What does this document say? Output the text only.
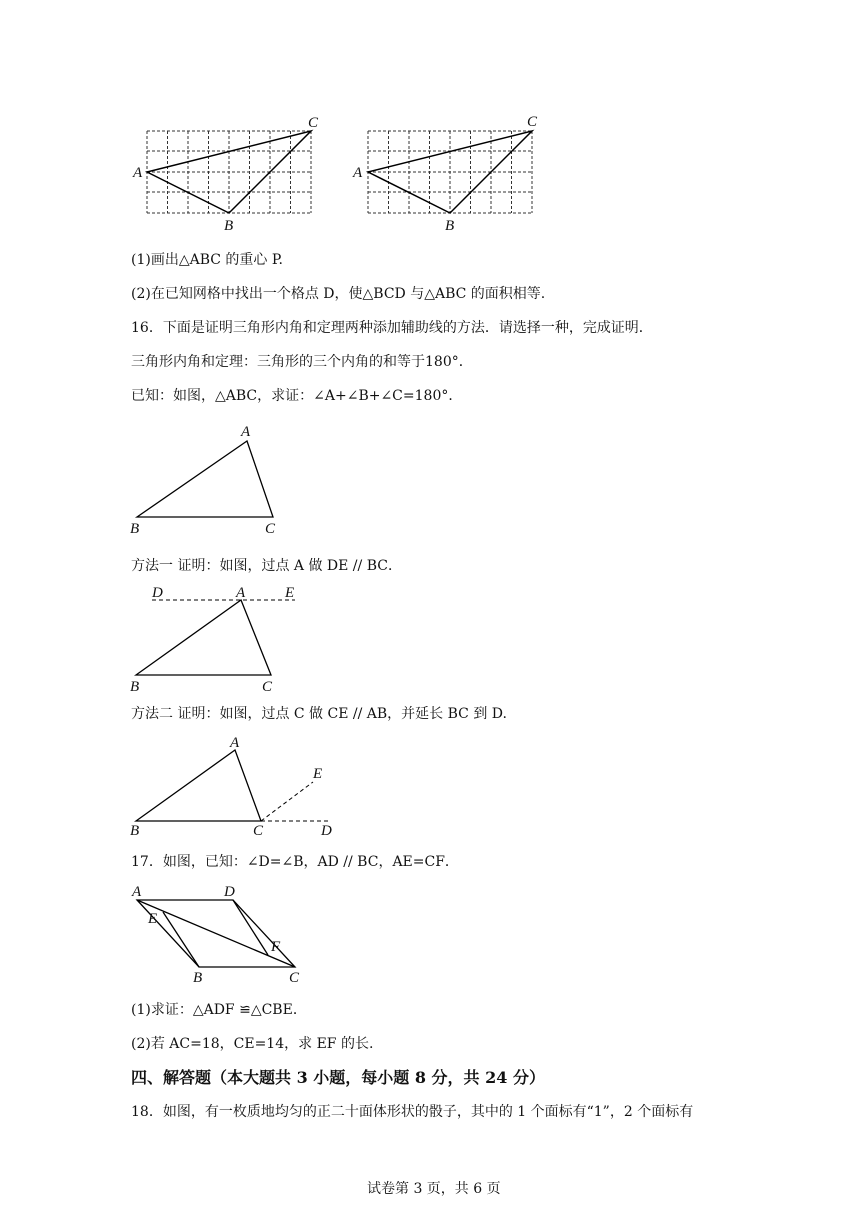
A
B
C
A
B
C
(1)画出△ABC 的重心 P.
(2)在已知网格中找出一个格点 D，使△BCD 与△ABC 的面积相等.
16．下面是证明三角形内角和定理两种添加辅助线的方法．请选择一种，完成证明．
三角形内角和定理：三角形的三个内角的和等于180°．
已知：如图，△ABC，求证：∠A+∠B+∠C=180°．
A
B	C
方法一 证明：如图，过点 A 做 DE // BC．
D	A	E
B	C
方法二 证明：如图，过点 C 做 CE // AB，并延长 BC 到 D.
A
E
B	C	D
17．如图，已知：∠D=∠B，AD // BC，AE=CF．
A	D
E
F
B	C
(1)求证：△ADF ≌△CBE．
(2)若 AC=18，CE=14，求 EF 的长.
四、解答题（本大题共 3 小题，每小题 8 分，共 24 分）
18．如图，有一枚质地均匀的正二十面体形状的骰子，其中的 1 个面标有“1”，2 个面标有
试卷第 3 页，共 6 页
